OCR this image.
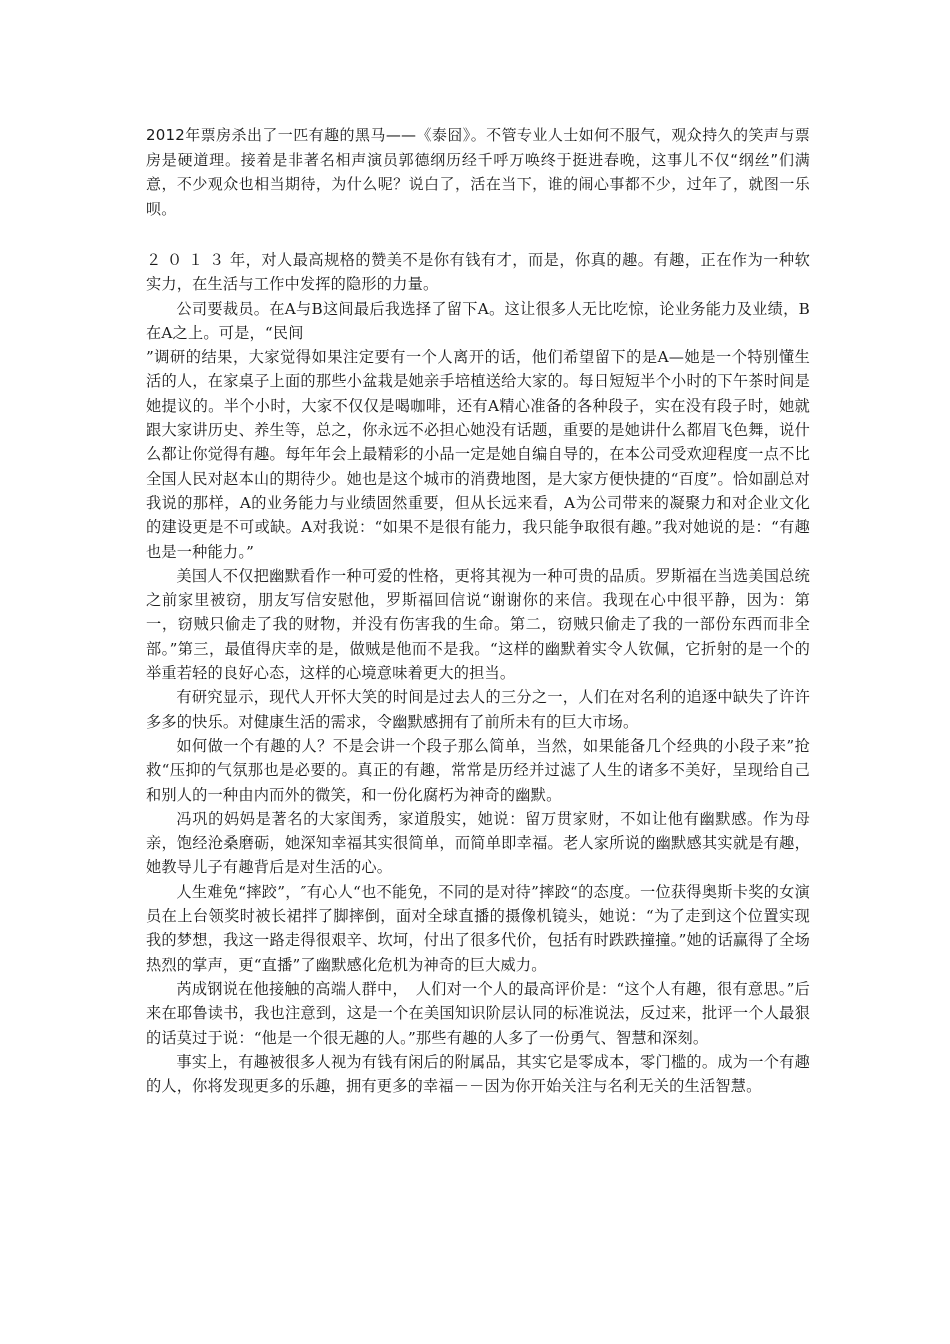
2012年票房杀出了一匹有趣的黑马——《泰囧》。不管专业人士如何不服气，观众持久的笑声与票房是硬道理。接着是非著名相声演员郭德纲历经千呼万唤终于挺进春晚，这事儿不仅“纲丝”们满意，不少观众也相当期待，为什么呢？说白了，活在当下，谁的闹心事都不少，过年了，就图一乐呗。

２０１３年，对人最高规格的赞美不是你有钱有才，而是，你真的趣。有趣，正在作为一种软实力，在生活与工作中发挥的隐形的力量。

公司要裁员。在A与B这间最后我选择了留下A。这让很多人无比吃惊，论业务能力及业绩，B在A之上。可是，“民间

”调研的结果，大家觉得如果注定要有一个人离开的话，他们希望留下的是A—她是一个特别懂生活的人，在家桌子上面的那些小盆栽是她亲手培植送给大家的。每日短短半个小时的下午茶时间是她提议的。半个小时，大家不仅仅是喝咖啡，还有A精心准备的各种段子，实在没有段子时，她就跟大家讲历史、养生等，总之，你永远不必担心她没有话题，重要的是她讲什么都眉飞色舞，说什么都让你觉得有趣。每年年会上最精彩的小品一定是她自编自导的，在本公司受欢迎程度一点不比全国人民对赵本山的期待少。她也是这个城市的消费地图，是大家方便快捷的“百度”。恰如副总对我说的那样，A的业务能力与业绩固然重要，但从长远来看，A为公司带来的凝聚力和对企业文化的建设更是不可或缺。A对我说：“如果不是很有能力，我只能争取很有趣。”我对她说的是：“有趣也是一种能力。”

美国人不仅把幽默看作一种可爱的性格，更将其视为一种可贵的品质。罗斯福在当选美国总统之前家里被窃，朋友写信安慰他，罗斯福回信说“谢谢你的来信。我现在心中很平静，因为：第一，窃贼只偷走了我的财物，并没有伤害我的生命。第二，窃贼只偷走了我的一部份东西而非全部。”第三，最值得庆幸的是，做贼是他而不是我。“这样的幽默着实令人钦佩，它折射的是一个的举重若轻的良好心态，这样的心境意味着更大的担当。

有研究显示，现代人开怀大笑的时间是过去人的三分之一，人们在对名利的追逐中缺失了许许多多的快乐。对健康生活的需求，令幽默感拥有了前所未有的巨大市场。

如何做一个有趣的人？不是会讲一个段子那么简单，当然，如果能备几个经典的小段子来”抢救“压抑的气氛那也是必要的。真正的有趣，常常是历经并过滤了人生的诸多不美好，呈现给自己和别人的一种由内而外的微笑，和一份化腐朽为神奇的幽默。

冯巩的妈妈是著名的大家闺秀，家道殷实，她说：留万贯家财，不如让他有幽默感。作为母亲，饱经沧桑磨砺，她深知幸福其实很简单，而简单即幸福。老人家所说的幽默感其实就是有趣，她教导儿子有趣背后是对生活的心。

人生难免“摔跤”，″有心人“也不能免，不同的是对待”摔跤“的态度。一位获得奥斯卡奖的女演员在上台领奖时被长裙拌了脚摔倒，面对全球直播的摄像机镜头，她说：“为了走到这个位置实现我的梦想，我这一路走得很艰辛、坎坷，付出了很多代价，包括有时跌跌撞撞。”她的话赢得了全场热烈的掌声，更“直播”了幽默感化危机为神奇的巨大威力。

芮成钢说在他接触的高端人群中，　人们对一个人的最高评价是：“这个人有趣，很有意思。”后来在耶鲁读书，我也注意到，这是一个在美国知识阶层认同的标准说法，反过来，批评一个人最狠的话莫过于说：“他是一个很无趣的人。”那些有趣的人多了一份勇气、智慧和深刻。

事实上，有趣被很多人视为有钱有闲后的附属品，其实它是零成本，零门槛的。成为一个有趣的人，你将发现更多的乐趣，拥有更多的幸福－－因为你开始关注与名利无关的生活智慧。
